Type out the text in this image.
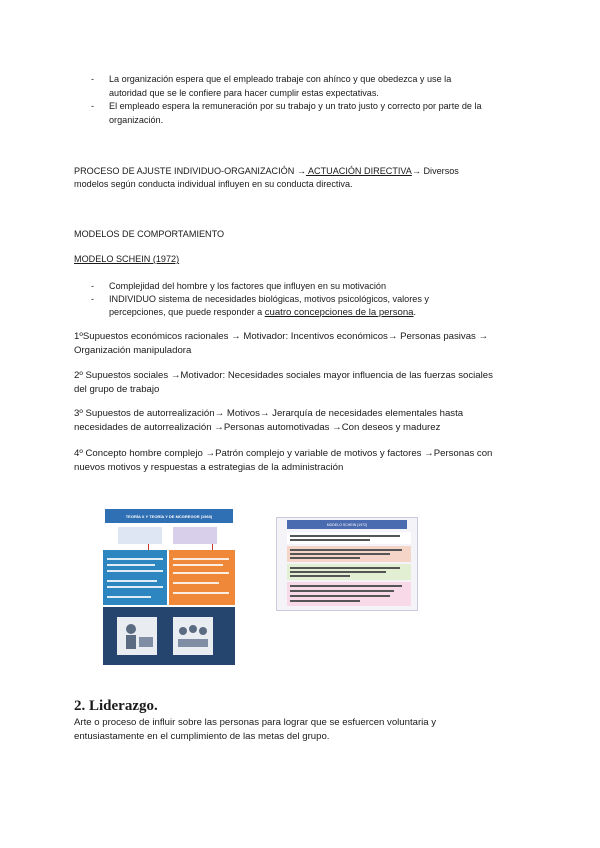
- La organización espera que el empleado trabaje con ahínco y que obedezca y use la
autoridad que se le confiere para hacer cumplir estas expectativas.
- El empleado espera la remuneración por su trabajo y un trato justo y correcto por parte de la
organización.
PROCESO DE AJUSTE INDIVIDUO-ORGANIZACIÓN → ACTUACIÓN DIRECTIVA→ Diversos
modelos según conducta individual influyen en su conducta directiva.
MODELOS DE COMPORTAMIENTO
MODELO SCHEIN (1972)
- Complejidad del hombre y los factores que influyen en su motivación
- INDIVIDUO sistema de necesidades biológicas, motivos psicológicos, valores y
percepciones, que puede responder a cuatro concepciones de la persona.
1ºSupuestos económicos racionales → Motivador: Incentivos económicos→ Personas pasivas →
Organización manipuladora
2º Supuestos sociales →Motivador: Necesidades sociales mayor influencia de las fuerzas sociales
del grupo de trabajo
3º Supuestos de autorrealización→ Motivos→ Jerarquía de necesidades elementales hasta
necesidades de autorrealización →Personas automotivadas →Con deseos y madurez
4º Concepto hombre complejo →Patrón complejo y variable de motivos y factores →Personas con
nuevos motivos y respuestas a estrategias de la administración
TEORÍA X Y TEORÍA Y DE MCGREGOR (1960)
MODELO SCHEIN (1972)
2. Liderazgo.
Arte o proceso de influir sobre las personas para lograr que se esfuercen voluntaria y
entusiastamente en el cumplimiento de las metas del grupo.
